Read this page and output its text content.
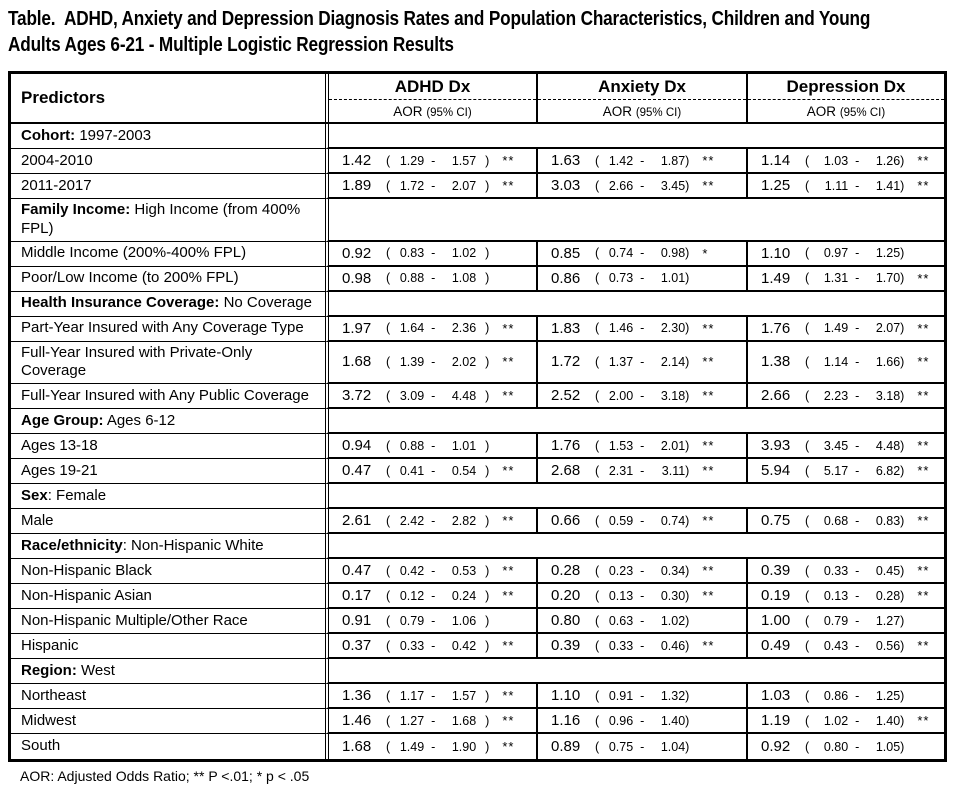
Table.  ADHD, Anxiety and Depression Diagnosis Rates and Population Characteristics, Children and Young
Adults Ages 6-21 - Multiple Logistic Regression Results
Predictors
ADHD Dx
AOR (95% CI)
Anxiety Dx
AOR (95% CI)
Depression Dx
AOR (95% CI)
Cohort: 1997-2003
2004-2010	1.42	( 1.29 -	1.57 ) ** 1.63	( 1.42 -	1.87 ) **	1.14	(	1.03 -	1.26 ) **
2011-2017	1.89	( 1.72 -	2.07 ) ** 3.03	( 2.66 -	3.45 ) **	1.25	(	1.11 -	1.41 ) **
Family Income: High Income (from 400% FPL)
Middle Income (200%-400% FPL)	0.92	( 0.83 -	1.02 )	0.85	( 0.74 -	0.98 ) *	1.10	(	0.97 -	1.25 )
Poor/Low Income (to 200% FPL)	0.98	( 0.88 -	1.08 )	0.86	( 0.73 -	1.01 )	1.49	(	1.31 -	1.70 ) **
Health Insurance Coverage: No Coverage
Part-Year Insured with Any Coverage Type	1.97	( 1.64 -	2.36 ) ** 1.83	( 1.46 -	2.30 ) **	1.76	(	1.49 -	2.07 ) **
Full-Year Insured with Private-Only Coverage
1.68	( 1.39 -	2.02 ) ** 1.72	( 1.37 -	2.14 ) **	1.38	(	1.14 -	1.66 ) **
Full-Year Insured with Any Public Coverage 3.72	( 3.09 -	4.48 ) ** 2.52	( 2.00 -	3.18 ) **	2.66	(	2.23 -	3.18 ) **
Age Group: Ages 6-12
Ages 13-18	0.94	( 0.88 -	1.01 )	1.76	( 1.53 -	2.01 ) **	3.93	(	3.45 -	4.48 ) **
Ages 19-21	0.47	( 0.41 -	0.54 ) ** 2.68	( 2.31 -	3.11 ) **	5.94	(	5.17 -	6.82 ) **
Sex: Female
Male	2.61	( 2.42 -	2.82 ) ** 0.66	( 0.59 -	0.74 ) **	0.75	(	0.68 -	0.83 ) **
Race/ethnicity: Non-Hispanic White
Non-Hispanic Black	0.47	( 0.42 -	0.53 ) ** 0.28	( 0.23 -	0.34 ) **	0.39	(	0.33 -	0.45 ) **
Non-Hispanic Asian	0.17	( 0.12 -	0.24 ) ** 0.20	( 0.13 -	0.30 ) **	0.19	(	0.13 -	0.28 ) **
Non-Hispanic Multiple/Other Race	0.91	( 0.79 -	1.06 )	0.80	( 0.63 -	1.02 )	1.00	(	0.79 -	1.27 )
Hispanic	0.37	( 0.33 -	0.42 ) ** 0.39	( 0.33 -	0.46 ) **	0.49	(	0.43 -	0.56 ) **
Region: West
Northeast	1.36	( 1.17 -	1.57 ) ** 1.10	( 0.91 -	1.32 )	1.03	(	0.86 -	1.25 )
Midwest	1.46	( 1.27 -	1.68 ) ** 1.16	( 0.96 -	1.40 )	1.19	(	1.02 -	1.40 ) **
South	1.68	( 1.49 -	1.90 ) ** 0.89	( 0.75 -	1.04 )	0.92	(	0.80 -	1.05 )
AOR: Adjusted Odds Ratio; ** P <.01; * p < .05
